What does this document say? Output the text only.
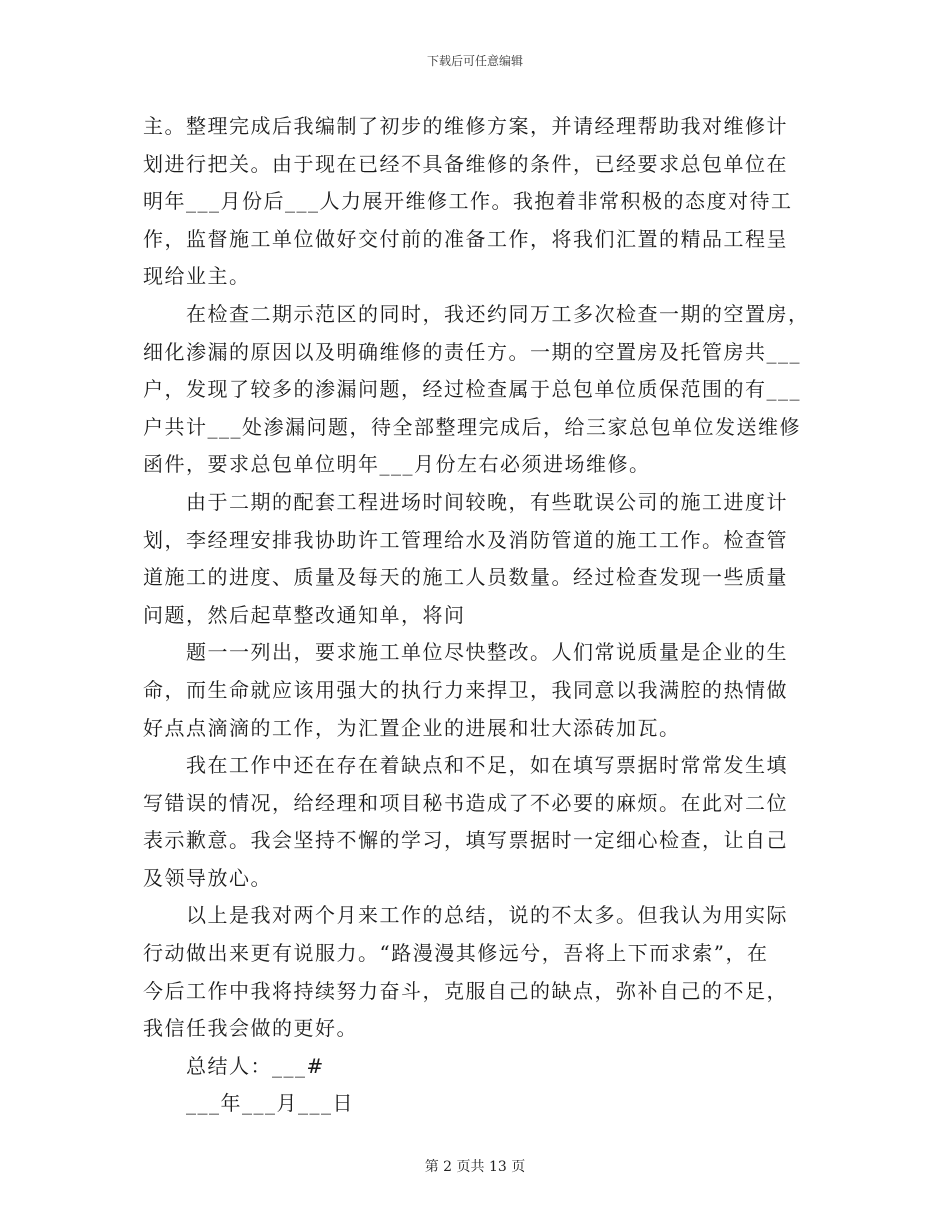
下载后可任意编辑

主。整理完成后我编制了初步的维修方案，并请经理帮助我对维修计
划进行把关。由于现在已经不具备维修的条件，已经要求总包单位在
明年___月份后___人力展开维修工作。我抱着非常积极的态度对待工
作，监督施工单位做好交付前的准备工作，将我们汇置的精品工程呈
现给业主。

在检查二期示范区的同时，我还约同万工多次检查一期的空置房，
细化渗漏的原因以及明确维修的责任方。一期的空置房及托管房共___
户，发现了较多的渗漏问题，经过检查属于总包单位质保范围的有___
户共计___处渗漏问题，待全部整理完成后，给三家总包单位发送维修
函件，要求总包单位明年___月份左右必须进场维修。

由于二期的配套工程进场时间较晚，有些耽误公司的施工进度计
划，李经理安排我协助许工管理给水及消防管道的施工工作。检查管
道施工的进度、质量及每天的施工人员数量。经过检查发现一些质量
问题，然后起草整改通知单，将问

题一一列出，要求施工单位尽快整改。人们常说质量是企业的生
命，而生命就应该用强大的执行力来捍卫，我同意以我满腔的热情做
好点点滴滴的工作，为汇置企业的进展和壮大添砖加瓦。

我在工作中还在存在着缺点和不足，如在填写票据时常常发生填
写错误的情况，给经理和项目秘书造成了不必要的麻烦。在此对二位
表示歉意。我会坚持不懈的学习，填写票据时一定细心检查，让自己
及领导放心。

以上是我对两个月来工作的总结，说的不太多。但我认为用实际
行动做出来更有说服力。“路漫漫其修远兮，吾将上下而求索”，在
今后工作中我将持续努力奋斗，克服自己的缺点，弥补自己的不足，
我信任我会做的更好。

总结人：___#

___年___月___日

第 2 页共 13 页
